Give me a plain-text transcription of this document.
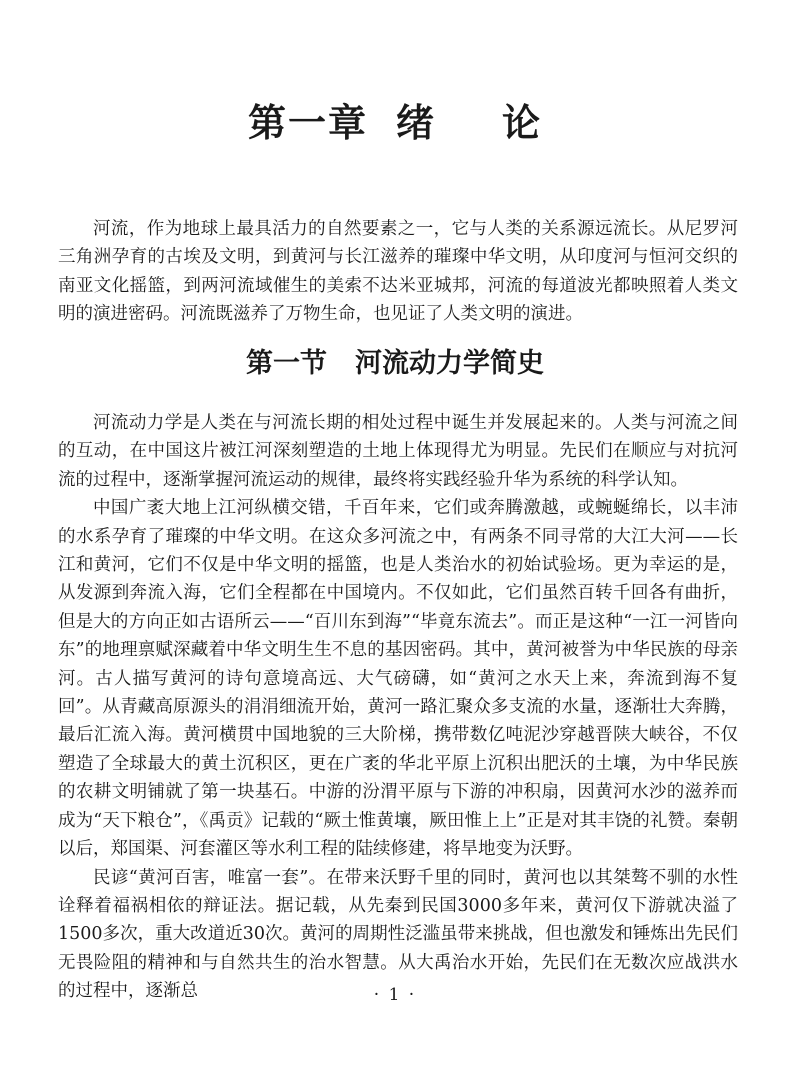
第一章 绪 论

河流，作为地球上最具活力的自然要素之一，它与人类的关系源远流长。从尼罗河三角洲孕育的古埃及文明，到黄河与长江滋养的璀璨中华文明，从印度河与恒河交织的南亚文化摇篮，到两河流域催生的美索不达米亚城邦，河流的每道波光都映照着人类文明的演进密码。河流既滋养了万物生命，也见证了人类文明的演进。

第一节 河流动力学简史

河流动力学是人类在与河流长期的相处过程中诞生并发展起来的。人类与河流之间的互动，在中国这片被江河深刻塑造的土地上体现得尤为明显。先民们在顺应与对抗河流的过程中，逐渐掌握河流运动的规律，最终将实践经验升华为系统的科学认知。

中国广袤大地上江河纵横交错，千百年来，它们或奔腾激越，或蜿蜒绵长，以丰沛的水系孕育了璀璨的中华文明。在这众多河流之中，有两条不同寻常的大江大河——长江和黄河，它们不仅是中华文明的摇篮，也是人类治水的初始试验场。更为幸运的是，从发源到奔流入海，它们全程都在中国境内。不仅如此，它们虽然百转千回各有曲折，但是大的方向正如古语所云——“百川东到海”“毕竟东流去”。而正是这种“一江一河皆向东”的地理禀赋深藏着中华文明生生不息的基因密码。其中，黄河被誉为中华民族的母亲河。古人描写黄河的诗句意境高远、大气磅礴，如“黄河之水天上来，奔流到海不复回”。从青藏高原源头的涓涓细流开始，黄河一路汇聚众多支流的水量，逐渐壮大奔腾，最后汇流入海。黄河横贯中国地貌的三大阶梯，携带数亿吨泥沙穿越晋陕大峡谷，不仅塑造了全球最大的黄土沉积区，更在广袤的华北平原上沉积出肥沃的土壤，为中华民族的农耕文明铺就了第一块基石。中游的汾渭平原与下游的冲积扇，因黄河水沙的滋养而成为“天下粮仓”，《禹贡》记载的“厥土惟黄壤，厥田惟上上”正是对其丰饶的礼赞。秦朝以后，郑国渠、河套灌区等水利工程的陆续修建，将旱地变为沃野。

民谚“黄河百害，唯富一套”。在带来沃野千里的同时，黄河也以其桀骜不驯的水性诠释着福祸相依的辩证法。据记载，从先秦到民国3000多年来，黄河仅下游就决溢了1500多次，重大改道近30次。黄河的周期性泛滥虽带来挑战，但也激发和锤炼出先民们无畏险阻的精神和与自然共生的治水智慧。从大禹治水开始，先民们在无数次应战洪水的过程中，逐渐总	· 1 ·
